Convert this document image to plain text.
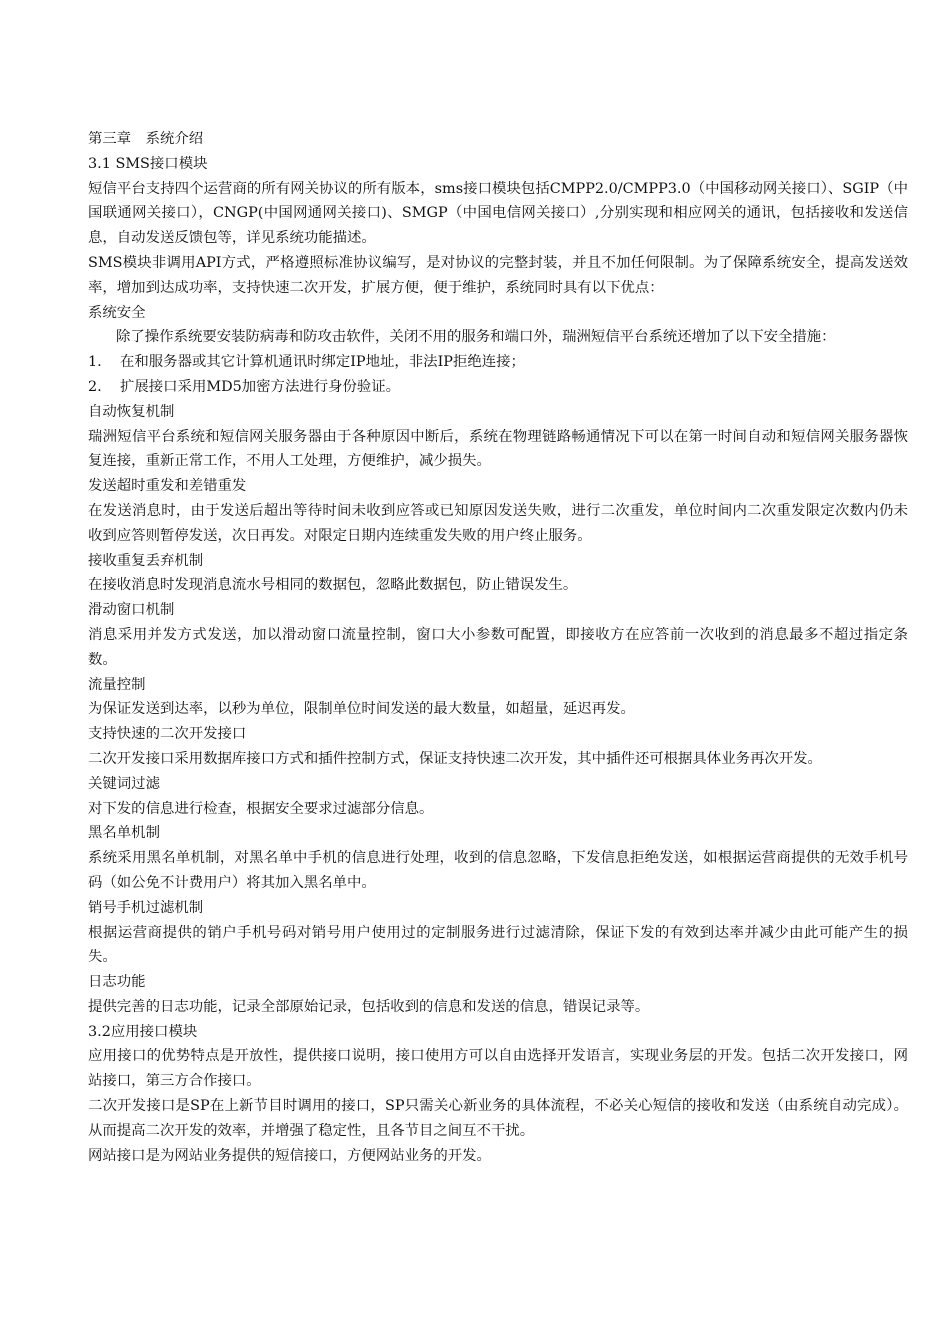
第三章　系统介绍

3.1 SMS接口模块

短信平台支持四个运营商的所有网关协议的所有版本，sms接口模块包括CMPP2.0/CMPP3.0（中国移动网关接口）、SGIP（中国联通网关接口），CNGP(中国网通网关接口)、SMGP（中国电信网关接口）,分别实现和相应网关的通讯，包括接收和发送信息，自动发送反馈包等，详见系统功能描述。

SMS模块非调用API方式，严格遵照标准协议编写，是对协议的完整封装，并且不加任何限制。为了保障系统安全，提高发送效率，增加到达成功率，支持快速二次开发，扩展方便，便于维护，系统同时具有以下优点：

系统安全

除了操作系统要安装防病毒和防攻击软件，关闭不用的服务和端口外，瑞洲短信平台系统还增加了以下安全措施：

1. 在和服务器或其它计算机通讯时绑定IP地址，非法IP拒绝连接；

2. 扩展接口采用MD5加密方法进行身份验证。

自动恢复机制

瑞洲短信平台系统和短信网关服务器由于各种原因中断后，系统在物理链路畅通情况下可以在第一时间自动和短信网关服务器恢复连接，重新正常工作，不用人工处理，方便维护，减少损失。

发送超时重发和差错重发

在发送消息时，由于发送后超出等待时间未收到应答或已知原因发送失败，进行二次重发，单位时间内二次重发限定次数内仍未收到应答则暂停发送，次日再发。对限定日期内连续重发失败的用户终止服务。

接收重复丢弃机制

在接收消息时发现消息流水号相同的数据包，忽略此数据包，防止错误发生。

滑动窗口机制

消息采用并发方式发送，加以滑动窗口流量控制，窗口大小参数可配置，即接收方在应答前一次收到的消息最多不超过指定条数。

流量控制

为保证发送到达率，以秒为单位，限制单位时间发送的最大数量，如超量，延迟再发。

支持快速的二次开发接口

二次开发接口采用数据库接口方式和插件控制方式，保证支持快速二次开发，其中插件还可根据具体业务再次开发。

关键词过滤

对下发的信息进行检查，根据安全要求过滤部分信息。

黑名单机制

系统采用黑名单机制，对黑名单中手机的信息进行处理，收到的信息忽略，下发信息拒绝发送，如根据运营商提供的无效手机号码（如公免不计费用户）将其加入黑名单中。

销号手机过滤机制

根据运营商提供的销户手机号码对销号用户使用过的定制服务进行过滤清除，保证下发的有效到达率并减少由此可能产生的损失。

日志功能

提供完善的日志功能，记录全部原始记录，包括收到的信息和发送的信息，错误记录等。

3.2应用接口模块

应用接口的优势特点是开放性，提供接口说明，接口使用方可以自由选择开发语言，实现业务层的开发。包括二次开发接口，网站接口，第三方合作接口。

二次开发接口是SP在上新节目时调用的接口，SP只需关心新业务的具体流程，不必关心短信的接收和发送（由系统自动完成）。从而提高二次开发的效率，并增强了稳定性，且各节目之间互不干扰。

网站接口是为网站业务提供的短信接口，方便网站业务的开发。
